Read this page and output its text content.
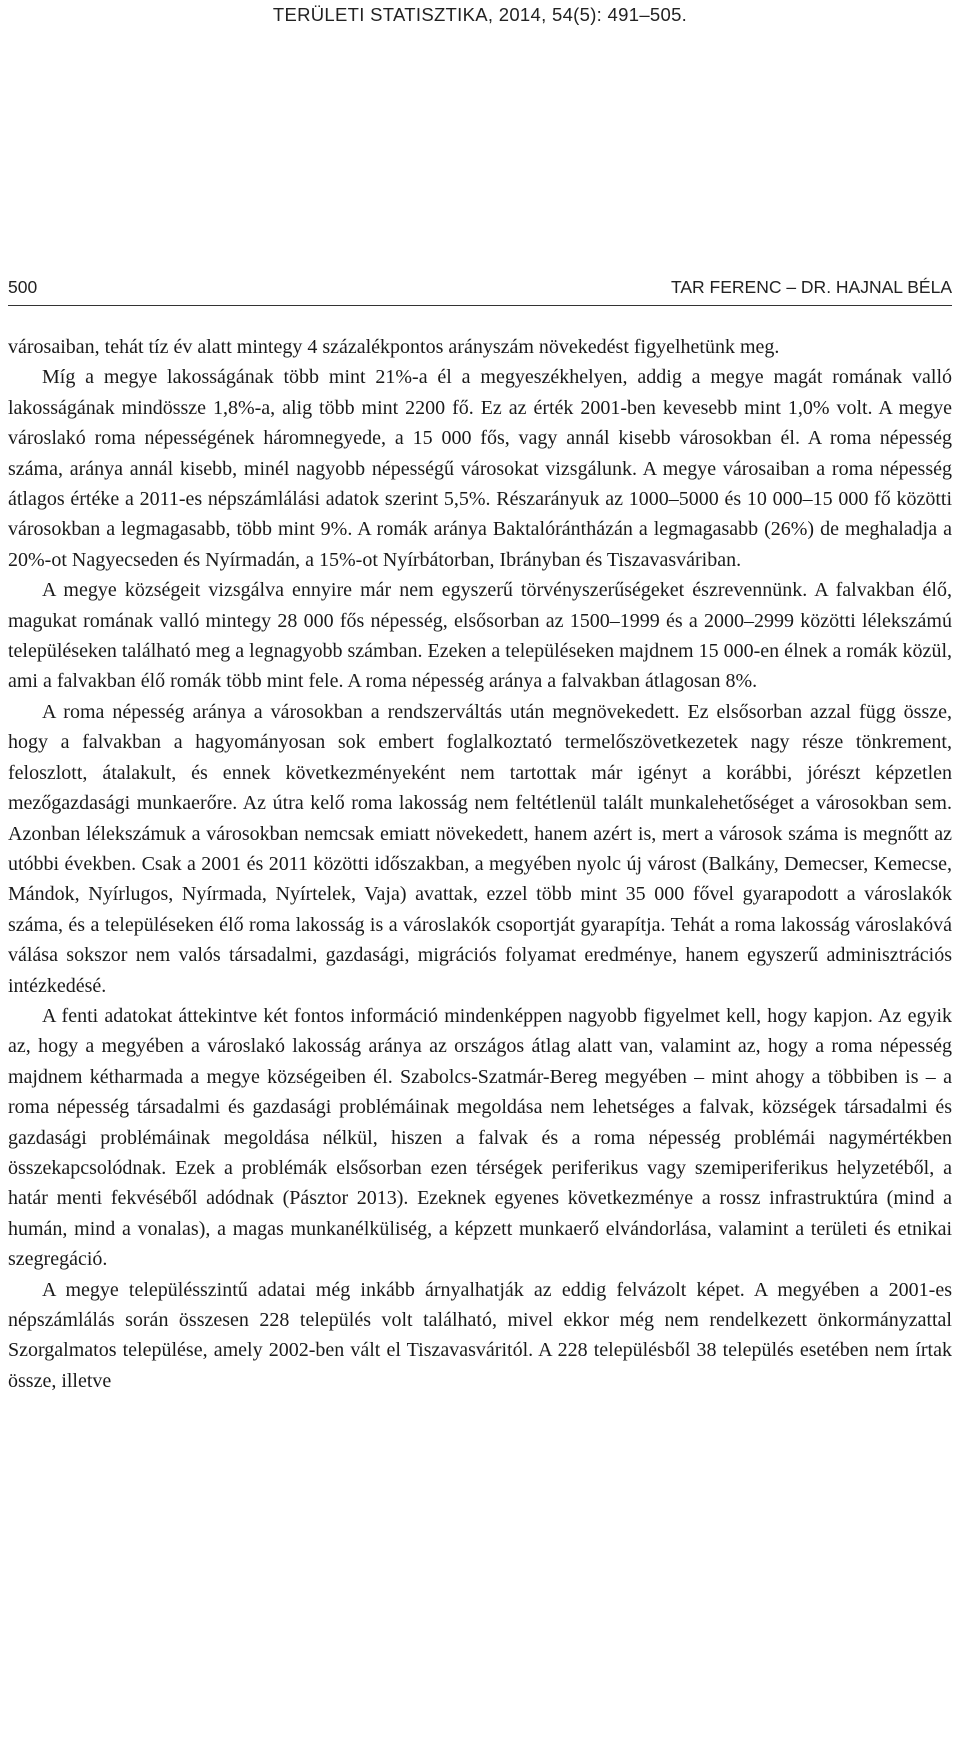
TERÜLETI STATISZTIKA, 2014, 54(5): 491–505.
500	TAR FERENC – DR. HAJNAL BÉLA

városaiban, tehát tíz év alatt mintegy 4 százalékpontos arányszám növekedést figyelhetünk meg.

Míg a megye lakosságának több mint 21%-a él a megyeszékhelyen, addig a megye magát romának valló lakosságának mindössze 1,8%-a, alig több mint 2200 fő. Ez az érték 2001-ben kevesebb mint 1,0% volt. A megye városlakó roma népességének háromnegyede, a 15 000 fős, vagy annál kisebb városokban él. A roma népesség száma, aránya annál kisebb, minél nagyobb népességű városokat vizsgálunk. A megye városaiban a roma népesség átlagos értéke a 2011-es népszámlálási adatok szerint 5,5%. Részarányuk az 1000–5000 és 10 000–15 000 fő közötti városokban a legmagasabb, több mint 9%. A romák aránya Baktalórántházán a legmagasabb (26%) de meghaladja a 20%-ot Nagyecseden és Nyírmadán, a 15%-ot Nyírbátorban, Ibrányban és Tiszavasváriban.

A megye községeit vizsgálva ennyire már nem egyszerű törvényszerűségeket észrevennünk. A falvakban élő, magukat romának valló mintegy 28 000 fős népesség, elsősorban az 1500–1999 és a 2000–2999 közötti lélekszámú településeken található meg a legnagyobb számban. Ezeken a településeken majdnem 15 000-en élnek a romák közül, ami a falvakban élő romák több mint fele. A roma népesség aránya a falvakban átlagosan 8%.

A roma népesség aránya a városokban a rendszerváltás után megnövekedett. Ez elsősorban azzal függ össze, hogy a falvakban a hagyományosan sok embert foglalkoztató termelőszövetkezetek nagy része tönkrement, feloszlott, átalakult, és ennek következményeként nem tartottak már igényt a korábbi, jórészt képzetlen mezőgazdasági munkaerőre. Az útra kelő roma lakosság nem feltétlenül talált munkalehetőséget a városokban sem. Azonban lélekszámuk a városokban nemcsak emiatt növekedett, hanem azért is, mert a városok száma is megnőtt az utóbbi években. Csak a 2001 és 2011 közötti időszakban, a megyében nyolc új várost (Balkány, Demecser, Kemecse, Mándok, Nyírlugos, Nyírmada, Nyírtelek, Vaja) avattak, ezzel több mint 35 000 fővel gyarapodott a városlakók száma, és a településeken élő roma lakosság is a városlakók csoportját gyarapítja. Tehát a roma lakosság városlakóvá válása sokszor nem valós társadalmi, gazdasági, migrációs folyamat eredménye, hanem egyszerű adminisztrációs intézkedésé.

A fenti adatokat áttekintve két fontos információ mindenképpen nagyobb figyelmet kell, hogy kapjon. Az egyik az, hogy a megyében a városlakó lakosság aránya az országos átlag alatt van, valamint az, hogy a roma népesség majdnem kétharmada a megye községeiben él. Szabolcs-Szatmár-Bereg megyében – mint ahogy a többiben is – a roma népesség társadalmi és gazdasági problémáinak megoldása nem lehetséges a falvak, községek társadalmi és gazdasági problémáinak megoldása nélkül, hiszen a falvak és a roma népesség problémái nagymértékben összekapcsolódnak. Ezek a problémák elsősorban ezen térségek periferikus vagy szemiperiferikus helyzetéből, a határ menti fekvéséből adódnak (Pásztor 2013). Ezeknek egyenes következménye a rossz infrastruktúra (mind a humán, mind a vonalas), a magas munkanélküliség, a képzett munkaerő elvándorlása, valamint a területi és etnikai szegregáció.

A megye településszintű adatai még inkább árnyalhatják az eddig felvázolt képet. A megyében a 2001-es népszámlálás során összesen 228 település volt található, mivel ekkor még nem rendelkezett önkormányzattal Szorgalmatos települése, amely 2002-ben vált el Tiszavasváritól. A 228 településből 38 település esetében nem írtak össze, illetve
